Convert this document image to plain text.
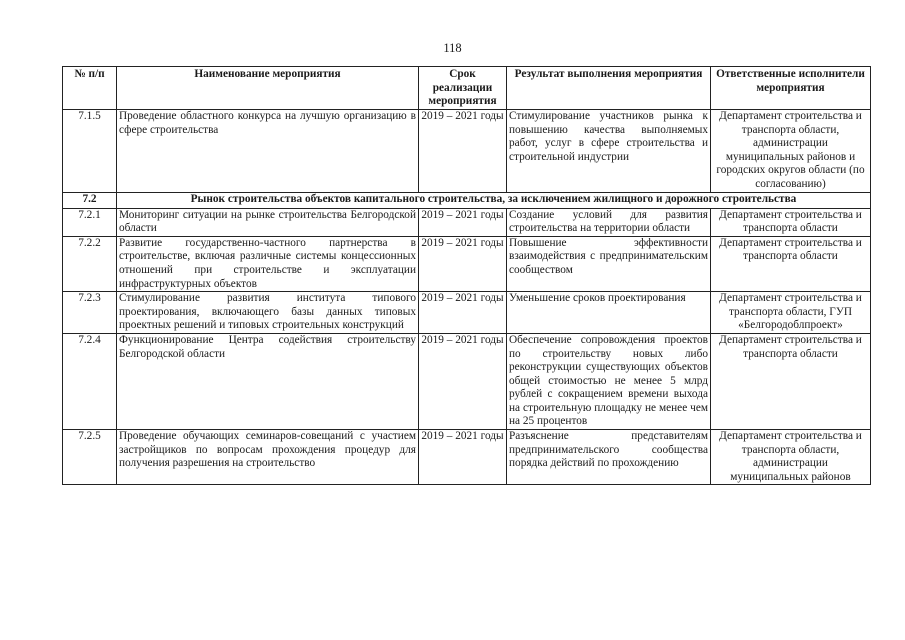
118
№ п/п	Наименование мероприятия	Срок реализации мероприятия	Результат выполнения мероприятия	Ответственные исполнители мероприятия
7.1.5	Проведение областного конкурса на лучшую организацию в сфере строительства	2019 – 2021 годы	Стимулирование участников рынка к повышению качества выполняемых работ, услуг в сфере строительства и строительной индустрии	Департамент строительства и транспорта области, администрации муниципальных районов и городских округов области (по согласованию)
7.2	Рынок строительства объектов капитального строительства, за исключением жилищного и дорожного строительства			
7.2.1	Мониторинг ситуации на рынке строительства Белгородской области	2019 – 2021 годы	Создание условий для развития строительства на территории области	Департамент строительства и транспорта области
7.2.2	Развитие государственно-частного партнерства в строительстве, включая различные системы концессионных отношений при строительстве и эксплуатации инфраструктурных объектов	2019 – 2021 годы	Повышение эффективности взаимодействия с предпринимательским сообществом	Департамент строительства и транспорта области
7.2.3	Стимулирование развития института типового проектирования, включающего базы данных типовых проектных решений и типовых строительных конструкций	2019 – 2021 годы	Уменьшение сроков проектирования	Департамент строительства и транспорта области, ГУП «Белгородоблпроект»
7.2.4	Функционирование Центра содействия строительству Белгородской области	2019 – 2021 годы	Обеспечение сопровождения проектов по строительству новых либо реконструкции существующих объектов общей стоимостью не менее 5 млрд рублей с сокращением времени выхода на строительную площадку не менее чем на 25 процентов	Департамент строительства и транспорта области
7.2.5	Проведение обучающих семинаров-совещаний с участием застройщиков по вопросам прохождения процедур для получения разрешения на строительство	2019 – 2021 годы	Разъяснение представителям предпринимательского сообщества порядка действий по прохождению	Департамент строительства и транспорта области, администрации муниципальных районов
